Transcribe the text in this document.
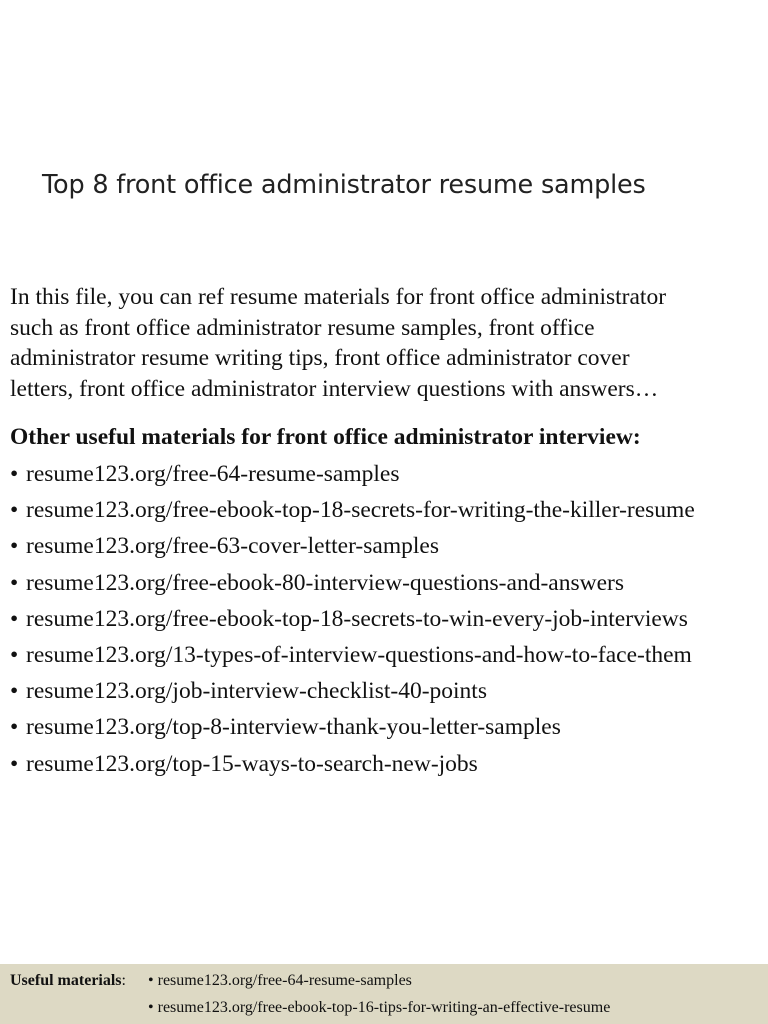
Top 8 front office administrator resume samples
In this file, you can ref resume materials for front office administrator
such as front office administrator resume samples, front office
administrator resume writing tips, front office administrator cover
letters, front office administrator interview questions with answers…
Other useful materials for front office administrator interview:
• resume123.org/free-64-resume-samples
• resume123.org/free-ebook-top-18-secrets-for-writing-the-killer-resume
• resume123.org/free-63-cover-letter-samples
• resume123.org/free-ebook-80-interview-questions-and-answers
• resume123.org/free-ebook-top-18-secrets-to-win-every-job-interviews
• resume123.org/13-types-of-interview-questions-and-how-to-face-them
• resume123.org/job-interview-checklist-40-points
• resume123.org/top-8-interview-thank-you-letter-samples
• resume123.org/top-15-ways-to-search-new-jobs
Useful materials: • resume123.org/free-64-resume-samples
• resume123.org/free-ebook-top-16-tips-for-writing-an-effective-resume
